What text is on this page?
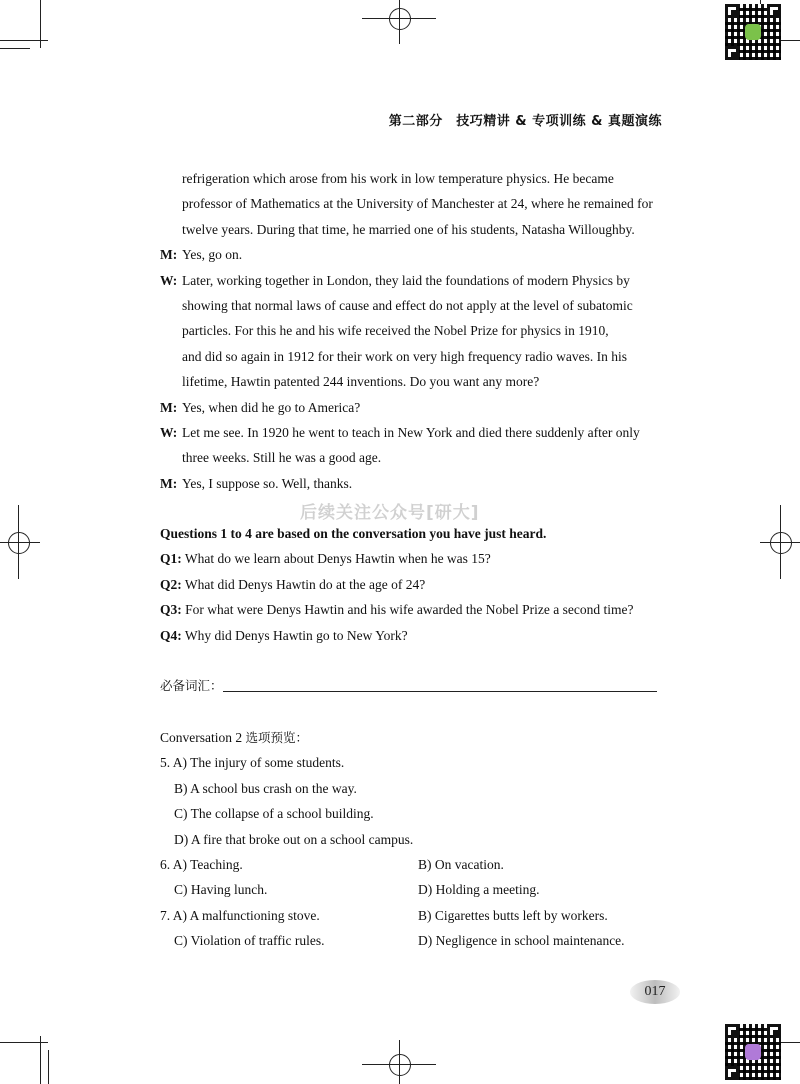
第二部分　技巧精讲 & 专项训练 & 真题演练
refrigeration which arose from his work in low temperature physics. He became
professor of Mathematics at the University of Manchester at 24, where he remained for
twelve years. During that time, he married one of his students, Natasha Willoughby.
M: Yes, go on.
W: Later, working together in London, they laid the foundations of modern Physics by
showing that normal laws of cause and effect do not apply at the level of subatomic
particles. For this he and his wife received the Nobel Prize for physics in 1910,
and did so again in 1912 for their work on very high frequency radio waves. In his
lifetime, Hawtin patented 244 inventions. Do you want any more?
M: Yes, when did he go to America?
W: Let me see. In 1920 he went to teach in New York and died there suddenly after only
three weeks. Still he was a good age.
M: Yes, I suppose so. Well, thanks.
后续关注公众号[研大]
Questions 1 to 4 are based on the conversation you have just heard.
Q1: What do we learn about Denys Hawtin when he was 15?
Q2: What did Denys Hawtin do at the age of 24?
Q3: For what were Denys Hawtin and his wife awarded the Nobel Prize a second time?
Q4: Why did Denys Hawtin go to New York?
必备词汇：
Conversation 2 选项预览：
5. A) The injury of some students.
B) A school bus crash on the way.
C) The collapse of a school building.
D) A fire that broke out on a school campus.
6. A) Teaching.	B) On vacation.
C) Having lunch.	D) Holding a meeting.
7. A) A malfunctioning stove.	B) Cigarettes butts left by workers.
C) Violation of traffic rules.	D) Negligence in school maintenance.
017
